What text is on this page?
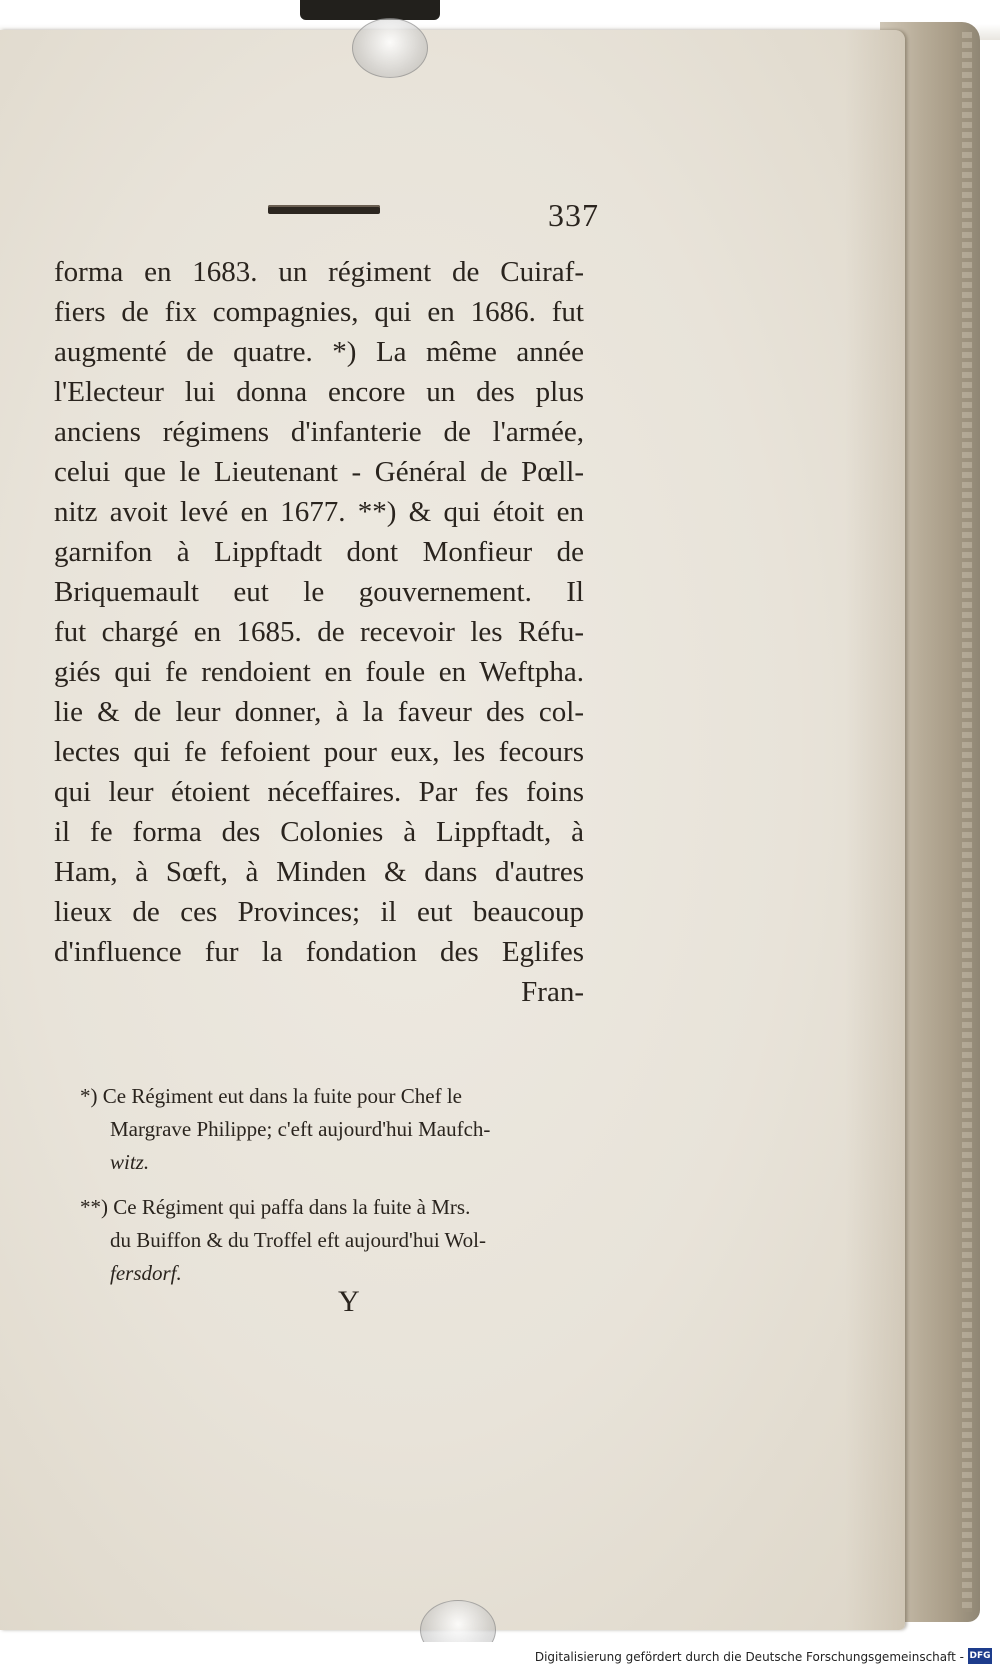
337
forma en 1683. un régiment de Cuiraf-
fiers de fix compagnies, qui en 1686. fut
augmenté de quatre. *) La même année
l'Electeur lui donna encore un des plus
anciens régimens d'infanterie de l'armée,
celui que le Lieutenant - Général de Pœll-
nitz avoit levé en 1677. **) & qui étoit en
garnifon à Lippftadt dont Monfieur de
Briquemault eut le gouvernement. Il
fut chargé en 1685. de recevoir les Réfu-
giés qui fe rendoient en foule en Weftpha.
lie & de leur donner, à la faveur des col-
lectes qui fe fefoient pour eux, les fecours
qui leur étoient néceffaires. Par fes foins
il fe forma des Colonies à Lippftadt, à
Ham, à Sœft, à Minden & dans d'autres
lieux de ces Provinces; il eut beaucoup
d'influence fur la fondation des Eglifes
Fran-
*) Ce Régiment eut dans la fuite pour Chef le
Margrave Philippe; c'eft aujourd'hui Maufch-
witz.
**) Ce Régiment qui paffa dans la fuite à Mrs.
du Buiffon & du Troffel eft aujourd'hui Wol-
fersdorf.
Y
Digitalisierung gefördert durch die Deutsche Forschungsgemeinschaft - DFG
